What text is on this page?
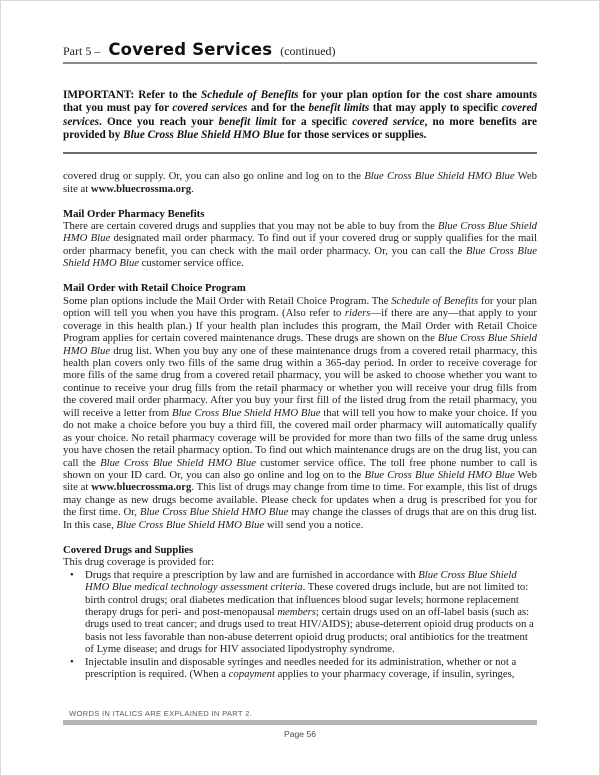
Part 5 – Covered Services (continued)

IMPORTANT: Refer to the Schedule of Benefits for your plan option for the cost share amounts that you must pay for covered services and for the benefit limits that may apply to specific covered services. Once you reach your benefit limit for a specific covered service, no more benefits are provided by Blue Cross Blue Shield HMO Blue for those services or supplies.

covered drug or supply. Or, you can also go online and log on to the Blue Cross Blue Shield HMO Blue Web site at www.bluecrossma.org.

Mail Order Pharmacy Benefits

There are certain covered drugs and supplies that you may not be able to buy from the Blue Cross Blue Shield HMO Blue designated mail order pharmacy. To find out if your covered drug or supply qualifies for the mail order pharmacy benefit, you can check with the mail order pharmacy. Or, you can call the Blue Cross Blue Shield HMO Blue customer service office.

Mail Order with Retail Choice Program

Some plan options include the Mail Order with Retail Choice Program. The Schedule of Benefits for your plan option will tell you when you have this program. (Also refer to riders—if there are any—that apply to your coverage in this health plan.) If your health plan includes this program, the Mail Order with Retail Choice Program applies for certain covered maintenance drugs. These drugs are shown on the Blue Cross Blue Shield HMO Blue drug list. When you buy any one of these maintenance drugs from a covered retail pharmacy, this health plan covers only two fills of the same drug within a 365-day period. In order to receive coverage for more fills of the same drug from a covered retail pharmacy, you will be asked to choose whether you want to continue to receive your drug fills from the retail pharmacy or whether you will receive your drug fills from the covered mail order pharmacy. After you buy your first fill of the listed drug from the retail pharmacy, you will receive a letter from Blue Cross Blue Shield HMO Blue that will tell you how to make your choice. If you do not make a choice before you buy a third fill, the covered mail order pharmacy will automatically qualify as your choice. No retail pharmacy coverage will be provided for more than two fills of the same drug unless you have chosen the retail pharmacy option. To find out which maintenance drugs are on the drug list, you can call the Blue Cross Blue Shield HMO Blue customer service office. The toll free phone number to call is shown on your ID card. Or, you can also go online and log on to the Blue Cross Blue Shield HMO Blue Web site at www.bluecrossma.org. This list of drugs may change from time to time. For example, this list of drugs may change as new drugs become available. Please check for updates when a drug is prescribed for you for the first time. Or, Blue Cross Blue Shield HMO Blue may change the classes of drugs that are on this drug list. In this case, Blue Cross Blue Shield HMO Blue will send you a notice.

Covered Drugs and Supplies

This drug coverage is provided for:

• Drugs that require a prescription by law and are furnished in accordance with Blue Cross Blue Shield HMO Blue medical technology assessment criteria. These covered drugs include, but are not limited to: birth control drugs; oral diabetes medication that influences blood sugar levels; hormone replacement therapy drugs for peri- and post-menopausal members; certain drugs used on an off-label basis (such as: drugs used to treat cancer; and drugs used to treat HIV/AIDS); abuse-deterrent opioid drug products on a basis not less favorable than non-abuse deterrent opioid drug products; oral antibiotics for the treatment of Lyme disease; and drugs for HIV associated lipodystrophy syndrome.
• Injectable insulin and disposable syringes and needles needed for its administration, whether or not a prescription is required. (When a copayment applies to your pharmacy coverage, if insulin, syringes,
WORDS IN ITALICS ARE EXPLAINED IN PART 2.
Page 56
